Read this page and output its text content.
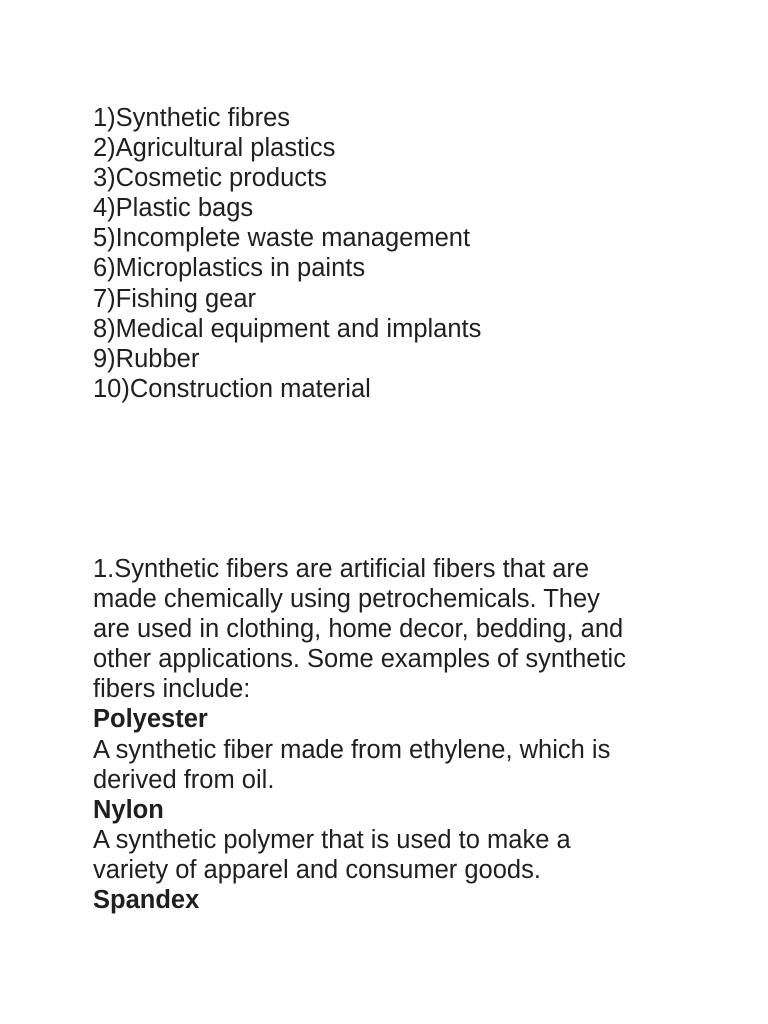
1)Synthetic fibres
2)Agricultural plastics
3)Cosmetic products
4)Plastic bags
5)Incomplete waste management
6)Microplastics in paints
7)Fishing gear
8)Medical equipment and implants
9)Rubber
10)Construction material
1.Synthetic fibers are artificial fibers that are
made chemically using petrochemicals. They
are used in clothing, home decor, bedding, and
other applications. Some examples of synthetic
fibers include:
Polyester
A synthetic fiber made from ethylene, which is
derived from oil.
Nylon
A synthetic polymer that is used to make a
variety of apparel and consumer goods.
Spandex
